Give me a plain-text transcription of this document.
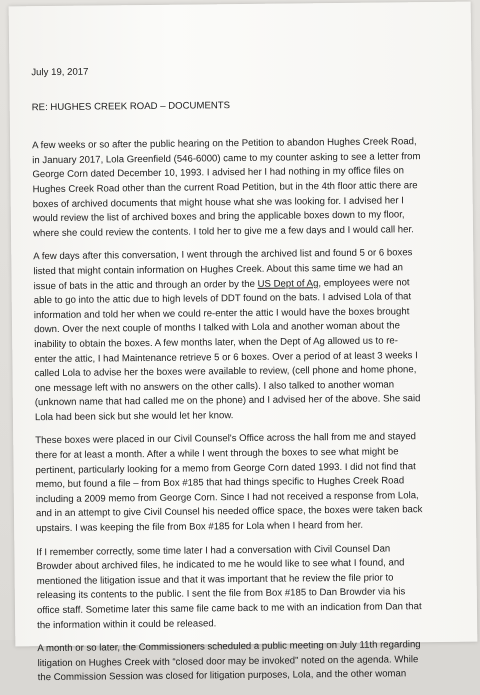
July 19, 2017
RE: HUGHES CREEK ROAD – DOCUMENTS
A few weeks or so after the public hearing on the Petition to abandon Hughes Creek Road,
in January 2017, Lola Greenfield (546-6000) came to my counter asking to see a letter from
George Corn dated December 10, 1993. I advised her I had nothing in my office files on
Hughes Creek Road other than the current Road Petition, but in the 4th floor attic there are
boxes of archived documents that might house what she was looking for. I advised her I
would review the list of archived boxes and bring the applicable boxes down to my floor,
where she could review the contents. I told her to give me a few days and I would call her.
A few days after this conversation, I went through the archived list and found 5 or 6 boxes
listed that might contain information on Hughes Creek. About this same time we had an
issue of bats in the attic and through an order by the US Dept of Ag, employees were not
able to go into the attic due to high levels of DDT found on the bats. I advised Lola of that
information and told her when we could re-enter the attic I would have the boxes brought
down. Over the next couple of months I talked with Lola and another woman about the
inability to obtain the boxes. A few months later, when the Dept of Ag allowed us to re-
enter the attic, I had Maintenance retrieve 5 or 6 boxes. Over a period of at least 3 weeks I
called Lola to advise her the boxes were available to review, (cell phone and home phone,
one message left with no answers on the other calls). I also talked to another woman
(unknown name that had called me on the phone) and I advised her of the above. She said
Lola had been sick but she would let her know.
These boxes were placed in our Civil Counsel's Office across the hall from me and stayed
there for at least a month. After a while I went through the boxes to see what might be
pertinent, particularly looking for a memo from George Corn dated 1993. I did not find that
memo, but found a file – from Box #185 that had things specific to Hughes Creek Road
including a 2009 memo from George Corn. Since I had not received a response from Lola,
and in an attempt to give Civil Counsel his needed office space, the boxes were taken back
upstairs. I was keeping the file from Box #185 for Lola when I heard from her.
If I remember correctly, some time later I had a conversation with Civil Counsel Dan
Browder about archived files, he indicated to me he would like to see what I found, and
mentioned the litigation issue and that it was important that he review the file prior to
releasing its contents to the public. I sent the file from Box #185 to Dan Browder via his
office staff. Sometime later this same file came back to me with an indication from Dan that
the information within it could be released.
A month or so later, the Commissioners scheduled a public meeting on July 11th regarding
litigation on Hughes Creek with “closed door may be invoked” noted on the agenda. While
the Commission Session was closed for litigation purposes, Lola, and the other woman
